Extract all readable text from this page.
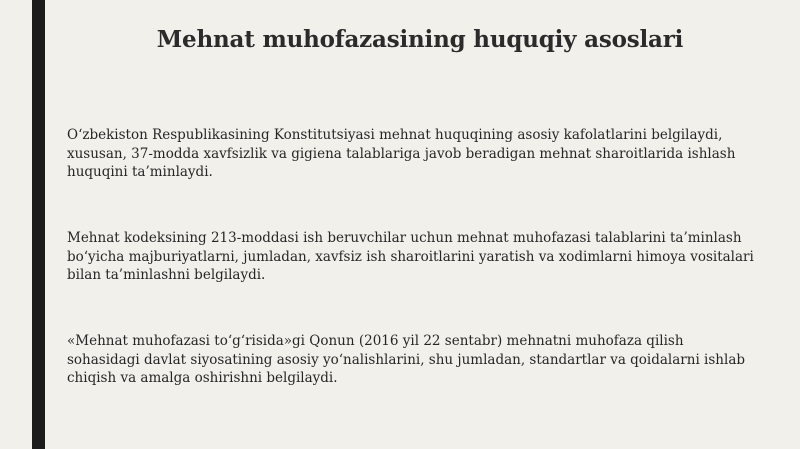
Mehnat muhofazasining huquqiy asoslari

O‘zbekiston Respublikasining Konstitutsiyasi mehnat huquqining asosiy kafolatlarini belgilaydi, xususan, 37-modda xavfsizlik va gigiena talablariga javob beradigan mehnat sharoitlarida ishlash huquqini ta’minlaydi.

Mehnat kodeksining 213-moddasi ish beruvchilar uchun mehnat muhofazasi talablarini ta’minlash bo‘yicha majburiyatlarni, jumladan, xavfsiz ish sharoitlarini yaratish va xodimlarni himoya vositalari bilan ta’minlashni belgilaydi.

«Mehnat muhofazasi to‘g‘risida»gi Qonun (2016 yil 22 sentabr) mehnatni muhofaza qilish sohasidagi davlat siyosatining asosiy yo‘nalishlarini, shu jumladan, standartlar va qoidalarni ishlab chiqish va amalga oshirishni belgilaydi.
